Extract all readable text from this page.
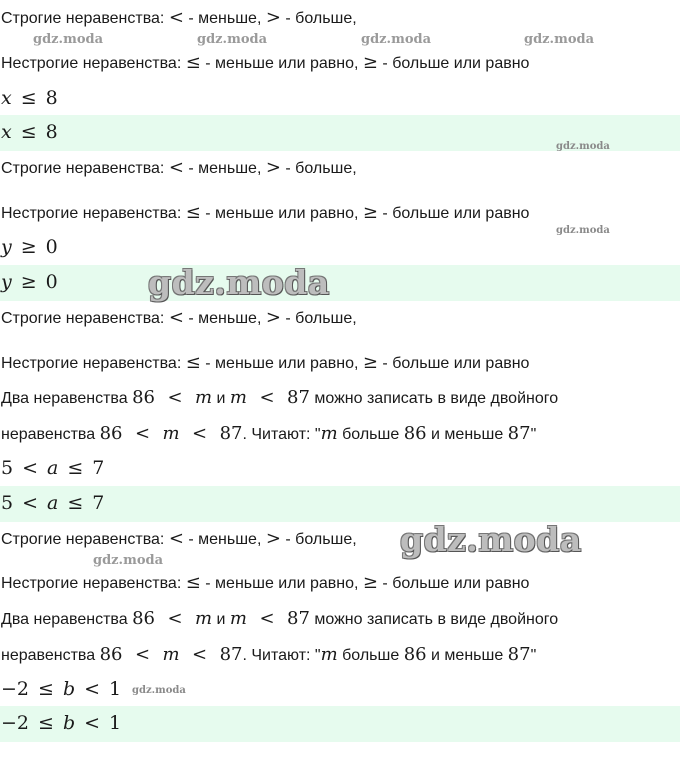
Строгие неравенства: < - меньше, > - больше,
Нестрогие неравенства: ≤ - меньше или равно, ≥ - больше или равно
x ≤ 8
x ≤ 8
Строгие неравенства: < - меньше, > - больше,
Нестрогие неравенства: ≤ - меньше или равно, ≥ - больше или равно
y ≥ 0
y ≥ 0
Строгие неравенства: < - меньше, > - больше,
Нестрогие неравенства: ≤ - меньше или равно, ≥ - больше или равно
Два неравенства 86 < m и m < 87 можно записать в виде двойного
неравенства 86 < m < 87. Читают: "m больше 86 и меньше 87"
5 < a ≤ 7
5 < a ≤ 7
Строгие неравенства: < - меньше, > - больше,
Нестрогие неравенства: ≤ - меньше или равно, ≥ - больше или равно
Два неравенства 86 < m и m < 87 можно записать в виде двойного
неравенства 86 < m < 87. Читают: "m больше 86 и меньше 87"
−2 ≤ b < 1
−2 ≤ b < 1
gdz.moda	gdz.moda	gdz.moda	gdz.moda
gdz.moda
gdz.moda
gdz.moda
gdz.moda
gdz.moda
gdz.moda
